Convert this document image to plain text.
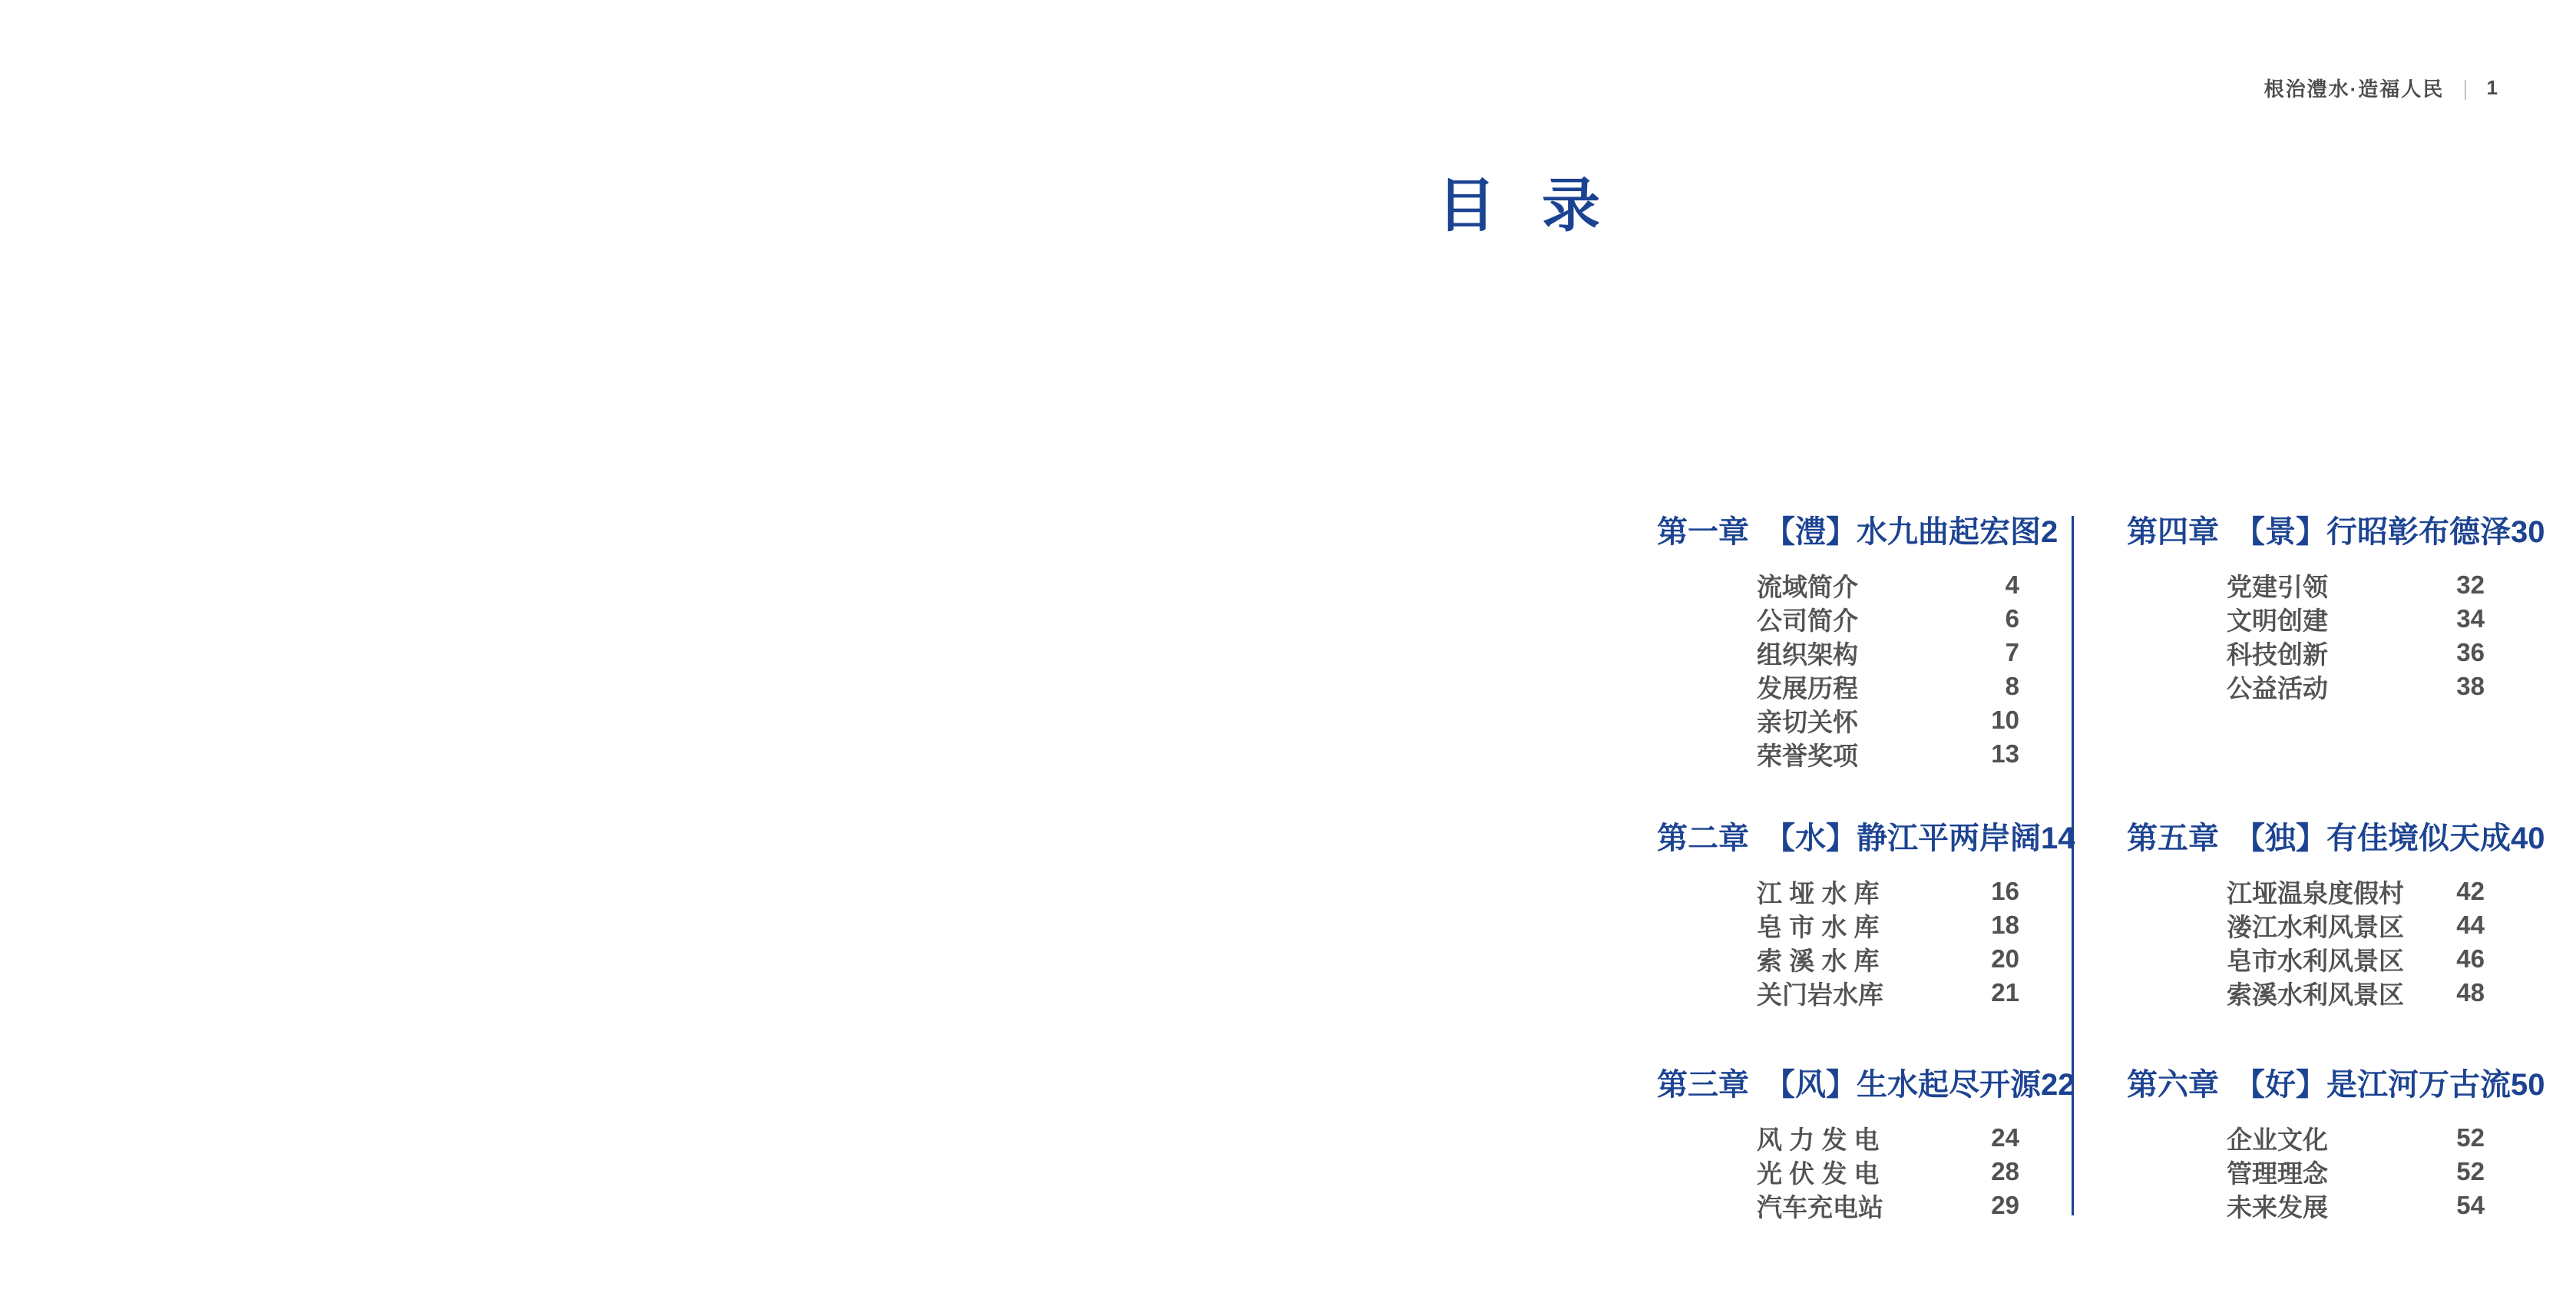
根治澧水·造福人民 | 1
目录
第一章 【澧】水九曲起宏图 2
流域简介	4
公司简介	6
组织架构	7
发展历程	8
亲切关怀	10
荣誉奖项	13
第二章 【水】静江平两岸阔 14
江 垭 水 库	16
皂 市 水 库	18
索 溪 水 库	20
关门岩水库	21
第三章 【风】生水起尽开源 22
风 力 发 电	24
光 伏 发 电	28
汽车充电站	29
第四章 【景】行昭彰布德泽 30
党建引领	32
文明创建	34
科技创新	36
公益活动	38
第五章 【独】有佳境似天成 40
江垭温泉度假村 42
溇江水利风景区 44
皂市水利风景区 46
索溪水利风景区 48
第六章 【好】是江河万古流 50
企业文化	52
管理理念	52
未来发展	54
